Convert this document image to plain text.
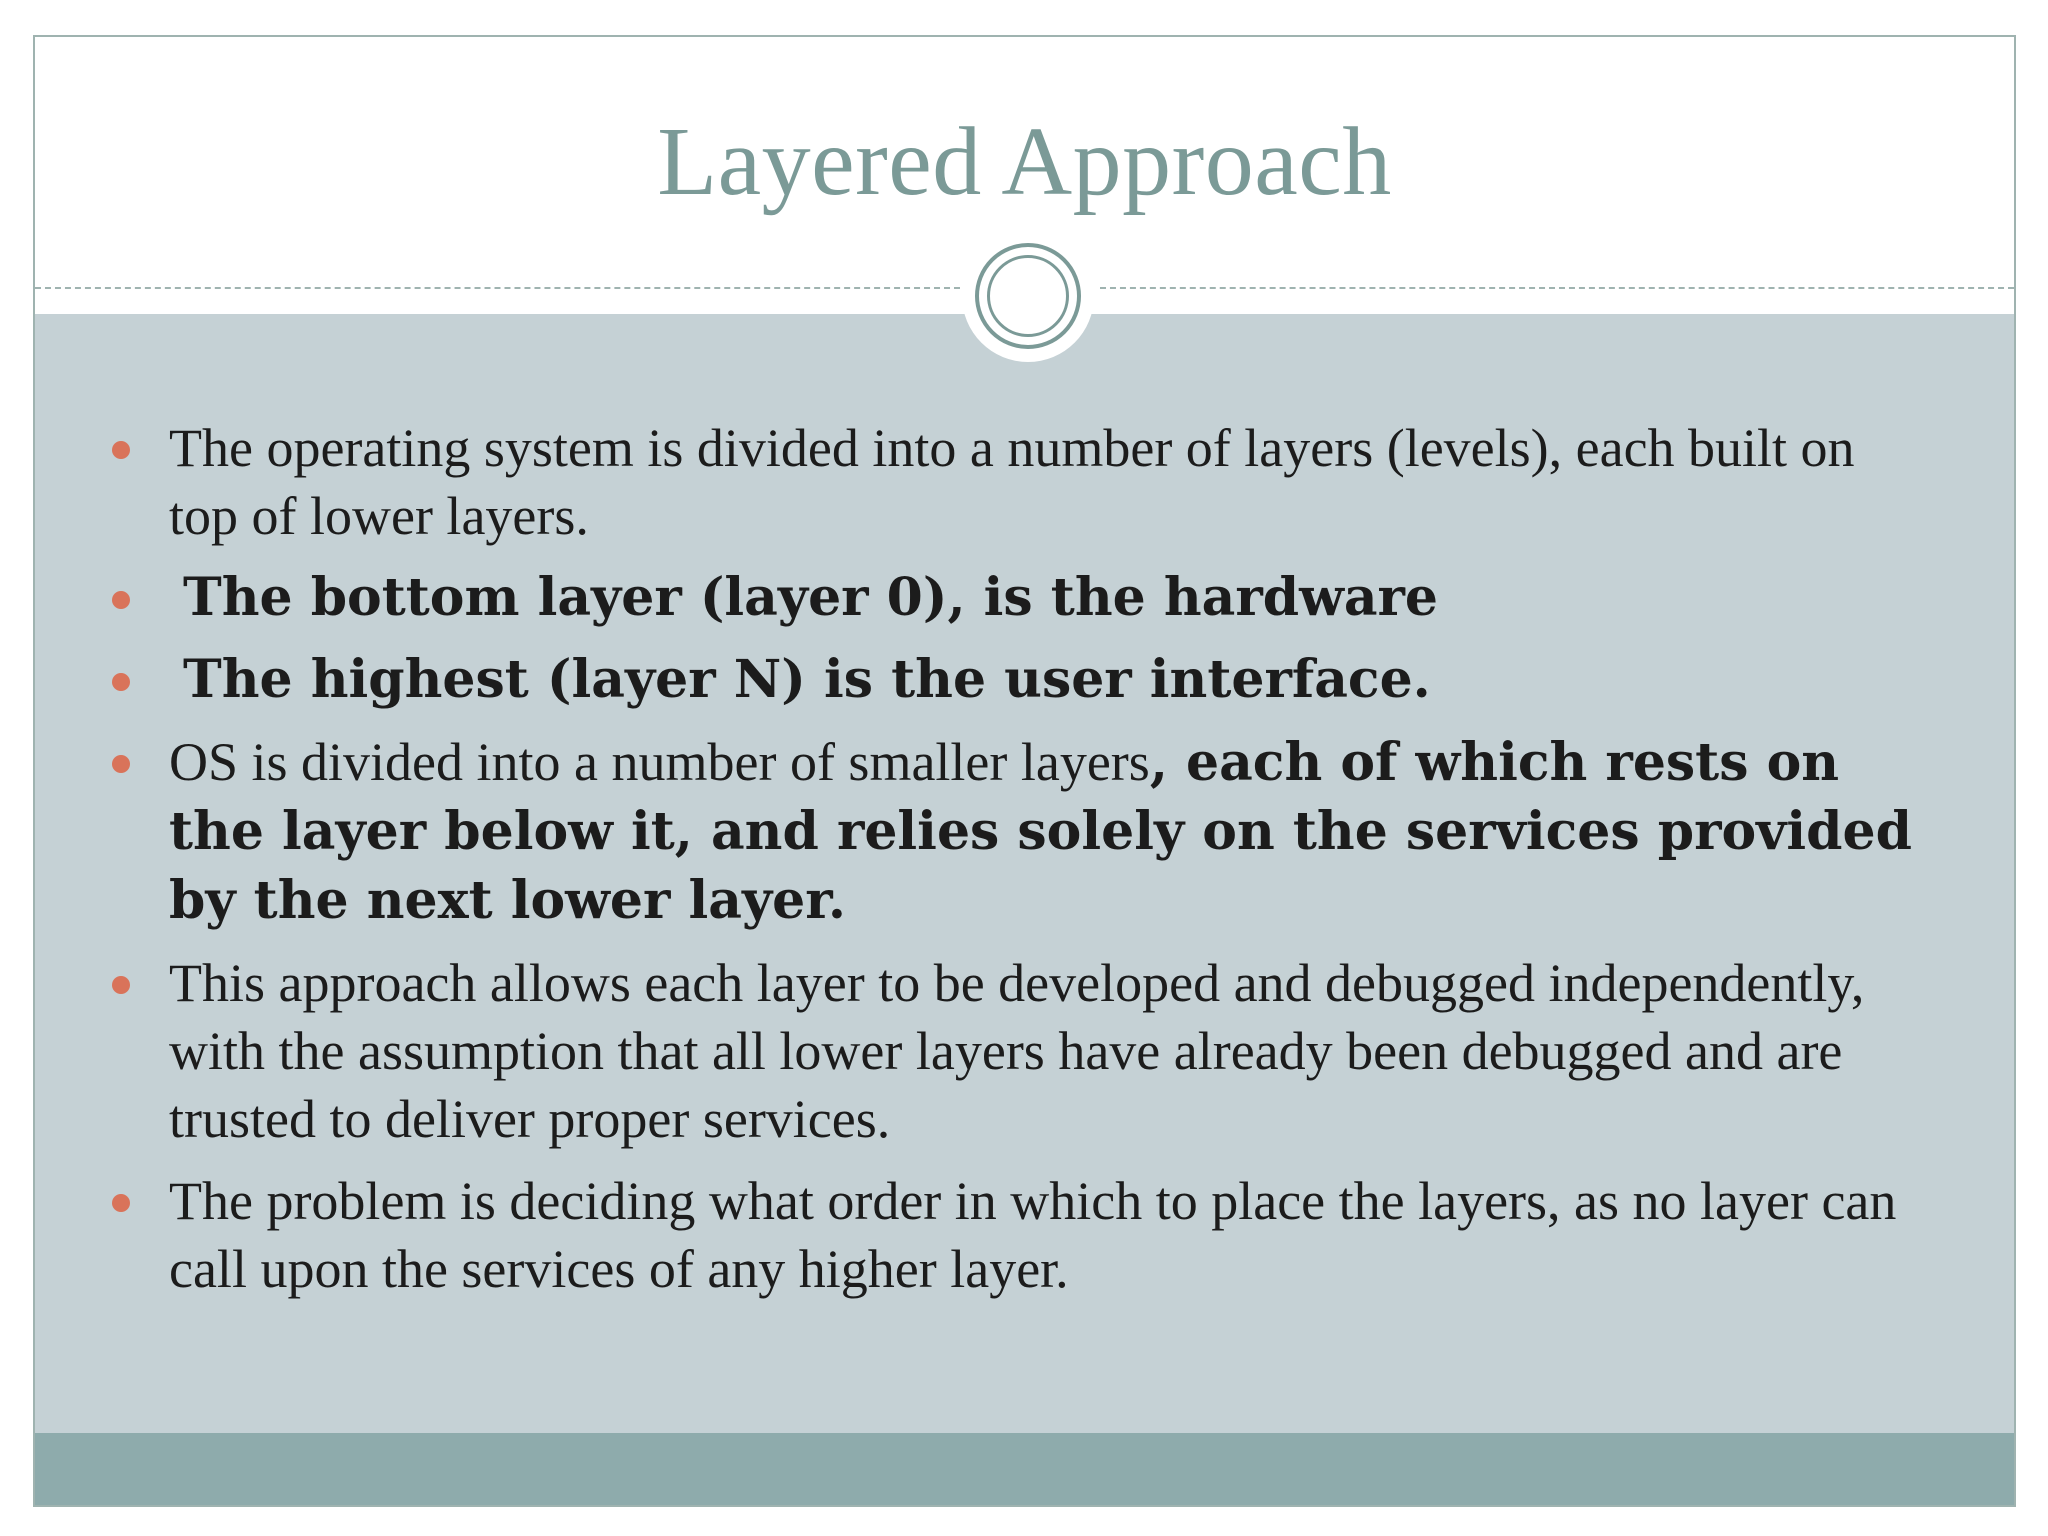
Layered Approach
The operating system is divided into a number of layers (levels), each built on top of lower layers.
The bottom layer (layer 0), is the hardware
The highest (layer N) is the user interface.
OS is divided into a number of smaller layers, each of which rests on the layer below it, and relies solely on the services provided by the next lower layer.
This approach allows each layer to be developed and debugged independently, with the assumption that all lower layers have already been debugged and are trusted to deliver proper services.
The problem is deciding what order in which to place the layers, as no layer can call upon the services of any higher layer.
